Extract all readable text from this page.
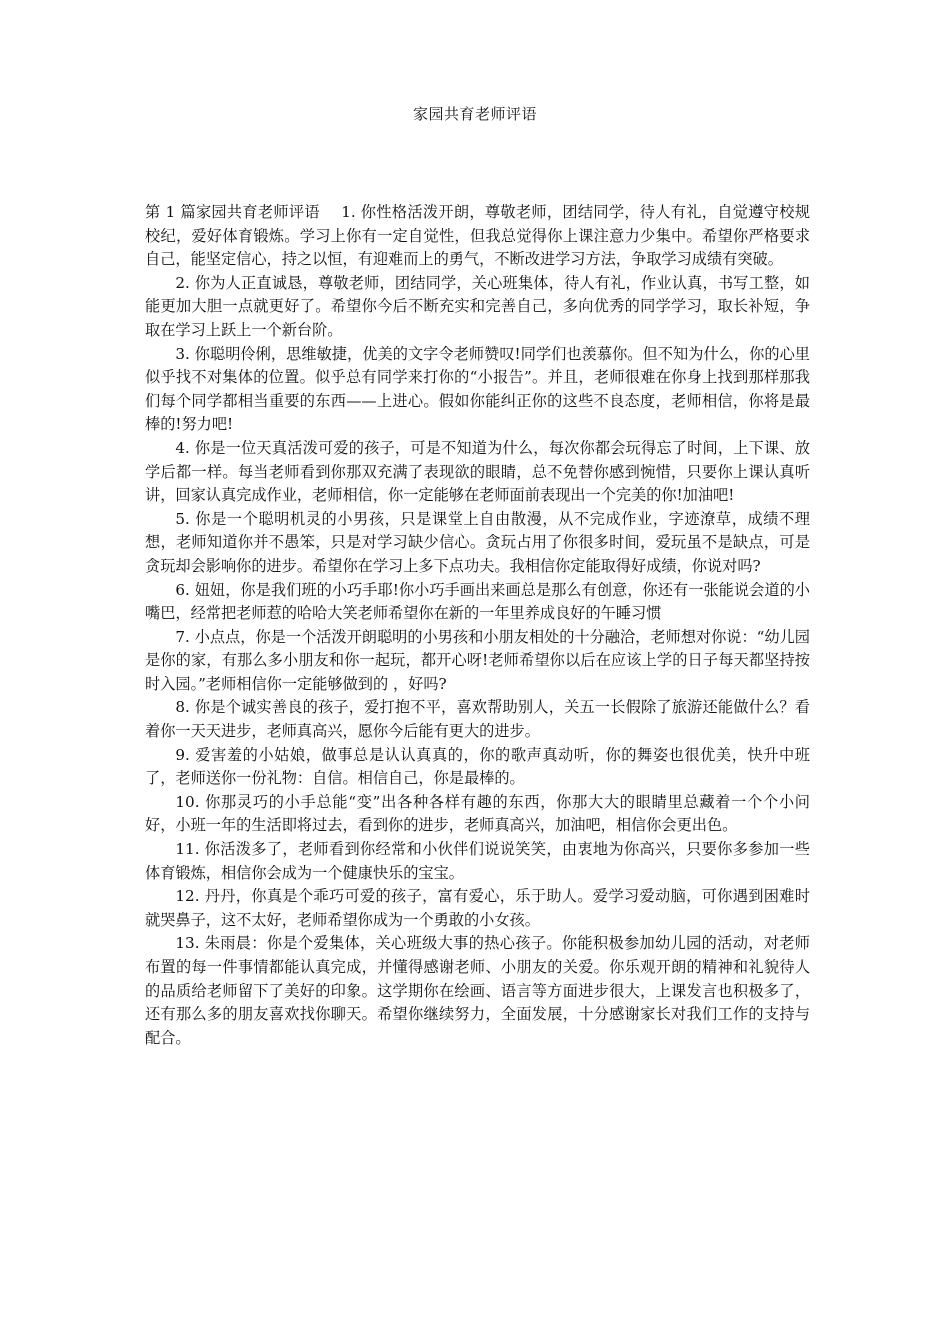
家园共育老师评语

第 1 篇家园共育老师评语 1. 你性格活泼开朗，尊敬老师，团结同学，待人有礼，自觉遵守校规校纪，爱好体育锻炼。学习上你有一定自觉性，但我总觉得你上课注意力少集中。希望你严格要求自己，能坚定信心，持之以恒，有迎难而上的勇气，不断改进学习方法，争取学习成绩有突破。

2. 你为人正直诚恳，尊敬老师，团结同学，关心班集体，待人有礼，作业认真，书写工整，如能更加大胆一点就更好了。希望你今后不断充实和完善自己，多向优秀的同学学习，取长补短，争取在学习上跃上一个新台阶。

3. 你聪明伶俐，思维敏捷，优美的文字令老师赞叹!同学们也羡慕你。但不知为什么，你的心里似乎找不对集体的位置。似乎总有同学来打你的“小报告”。并且，老师很难在你身上找到那样那我们每个同学都相当重要的东西——上进心。假如你能纠正你的这些不良态度，老师相信，你将是最棒的!努力吧!

4. 你是一位天真活泼可爱的孩子，可是不知道为什么，每次你都会玩得忘了时间，上下课、放学后都一样。每当老师看到你那双充满了表现欲的眼睛，总不免替你感到惋惜，只要你上课认真听讲，回家认真完成作业，老师相信，你一定能够在老师面前表现出一个完美的你!加油吧!

5. 你是一个聪明机灵的小男孩，只是课堂上自由散漫，从不完成作业，字迹潦草，成绩不理想，老师知道你并不愚笨，只是对学习缺少信心。贪玩占用了你很多时间，爱玩虽不是缺点，可是贪玩却会影响你的进步。希望你在学习上多下点功夫。我相信你定能取得好成绩，你说对吗?

6. 妞妞，你是我们班的小巧手耶!你小巧手画出来画总是那么有创意，你还有一张能说会道的小嘴巴，经常把老师惹的哈哈大笑老师希望你在新的一年里养成良好的午睡习惯

7. 小点点，你是一个活泼开朗聪明的小男孩和小朋友相处的十分融洽，老师想对你说：“幼儿园是你的家，有那么多小朋友和你一起玩，都开心呀!老师希望你以后在应该上学的日子每天都坚持按时入园。”老师相信你一定能够做到的 ，好吗?

8. 你是个诚实善良的孩子，爱打抱不平，喜欢帮助别人，关五一长假除了旅游还能做什么？看着你一天天进步，老师真高兴，愿你今后能有更大的进步。

9. 爱害羞的小姑娘，做事总是认认真真的，你的歌声真动听，你的舞姿也很优美，快升中班了，老师送你一份礼物：自信。相信自己，你是最棒的。

10. 你那灵巧的小手总能“变”出各种各样有趣的东西，你那大大的眼睛里总藏着一个个小问好，小班一年的生活即将过去，看到你的进步，老师真高兴，加油吧，相信你会更出色。

11. 你活泼多了，老师看到你经常和小伙伴们说说笑笑，由衷地为你高兴，只要你多参加一些体育锻炼，相信你会成为一个健康快乐的宝宝。

12. 丹丹，你真是个乖巧可爱的孩子，富有爱心，乐于助人。爱学习爱动脑，可你遇到困难时就哭鼻子，这不太好，老师希望你成为一个勇敢的小女孩。

13. 朱雨晨：你是个爱集体，关心班级大事的热心孩子。你能积极参加幼儿园的活动，对老师布置的每一件事情都能认真完成，并懂得感谢老师、小朋友的关爱。你乐观开朗的精神和礼貌待人的品质给老师留下了美好的印象。这学期你在绘画、语言等方面进步很大，上课发言也积极多了，还有那么多的朋友喜欢找你聊天。希望你继续努力，全面发展，十分感谢家长对我们工作的支持与配合。
